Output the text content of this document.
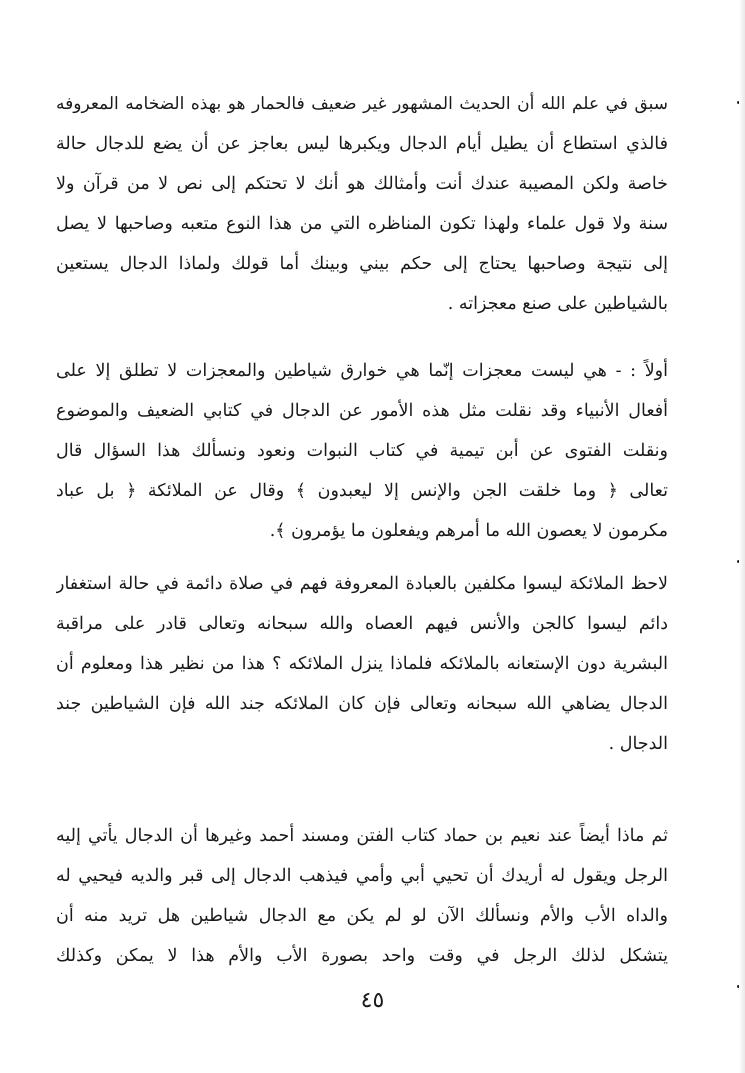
سبق في علم الله أن الحديث المشهور غير ضعيف فالحمار هو بهذه الضخامه المعروفه
فالذي استطاع أن يطيل أيام الدجال ويكبرها ليس بعاجز عن أن يضع للدجال حالة
خاصة ولكن المصيبة عندك أنت وأمثالك هو أنك لا تحتكم إلى نص لا من قرآن ولا
سنة ولا قول علماء ولهذا تكون المناظره التي من هذا النوع متعبه وصاحبها لا يصل
إلى نتيجة وصاحبها يحتاج إلى حكم بيني وبينك أما قولك ولماذا الدجال يستعين
بالشياطين على صنع معجزاته .
أولاً : - هي ليست معجزات إنّما هي خوارق شياطين والمعجزات لا تطلق إلا على
أفعال الأنبياء وقد نقلت مثل هذه الأمور عن الدجال في كتابي الضعيف والموضوع
ونقلت الفتوى عن أبن تيمية في كتاب النبوات ونعود ونسألك هذا السؤال قال
تعالى ﴿ وما خلقت الجن والإنس إلا ليعبدون ﴾ وقال عن الملائكة ﴿ بل عباد
مكرمون لا يعصون الله ما أمرهم ويفعلون ما يؤمرون ﴾.
لاحظ الملائكة ليسوا مكلفين بالعبادة المعروفة فهم في صلاة دائمة في حالة استغفار
دائم ليسوا كالجن والأنس فيهم العصاه والله سبحانه وتعالى قادر على مراقبة
البشرية دون الإستعانه بالملائكه فلماذا ينزل الملائكه ؟ هذا من نظير هذا ومعلوم أن
الدجال يضاهي الله سبحانه وتعالى فإن كان الملائكه جند الله فإن الشياطين جند
الدجال .
ثم ماذا أيضاً عند نعيم بن حماد كتاب الفتن ومسند أحمد وغيرها أن الدجال يأتي إليه
الرجل ويقول له أريدك أن تحيي أبي وأمي فيذهب الدجال إلى قبر والديه فيحيي له
والداه الأب والأم ونسألك الآن لو لم يكن مع الدجال شياطين هل تريد منه أن
يتشكل لذلك الرجل في وقت واحد بصورة الأب والأم هذا لا يمكن وكذلك
٤٥
